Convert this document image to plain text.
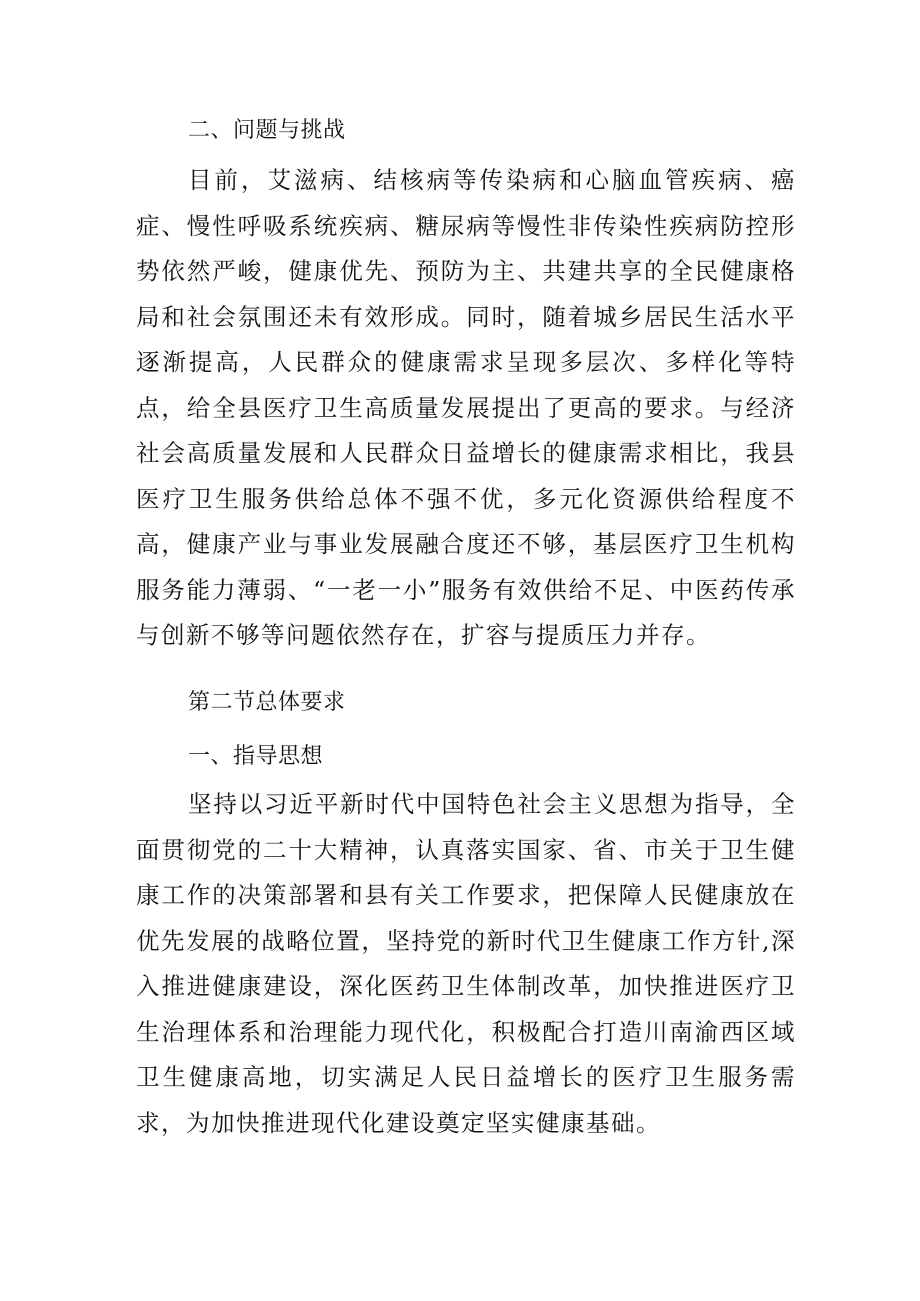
二、问题与挑战

目前，艾滋病、结核病等传染病和心脑血管疾病、癌症、慢性呼吸系统疾病、糖尿病等慢性非传染性疾病防控形势依然严峻，健康优先、预防为主、共建共享的全民健康格局和社会氛围还未有效形成。同时，随着城乡居民生活水平逐渐提高，人民群众的健康需求呈现多层次、多样化等特点，给全县医疗卫生高质量发展提出了更高的要求。与经济社会高质量发展和人民群众日益增长的健康需求相比，我县医疗卫生服务供给总体不强不优，多元化资源供给程度不高，健康产业与事业发展融合度还不够，基层医疗卫生机构服务能力薄弱、“一老一小”服务有效供给不足、中医药传承与创新不够等问题依然存在，扩容与提质压力并存。

第二节总体要求
一、指导思想

坚持以习近平新时代中国特色社会主义思想为指导，全面贯彻党的二十大精神，认真落实国家、省、市关于卫生健康工作的决策部署和县有关工作要求，把保障人民健康放在优先发展的战略位置，坚持党的新时代卫生健康工作方针,深入推进健康建设，深化医药卫生体制改革，加快推进医疗卫生治理体系和治理能力现代化，积极配合打造川南渝西区域卫生健康高地，切实满足人民日益增长的医疗卫生服务需求，为加快推进现代化建设奠定坚实健康基础。
